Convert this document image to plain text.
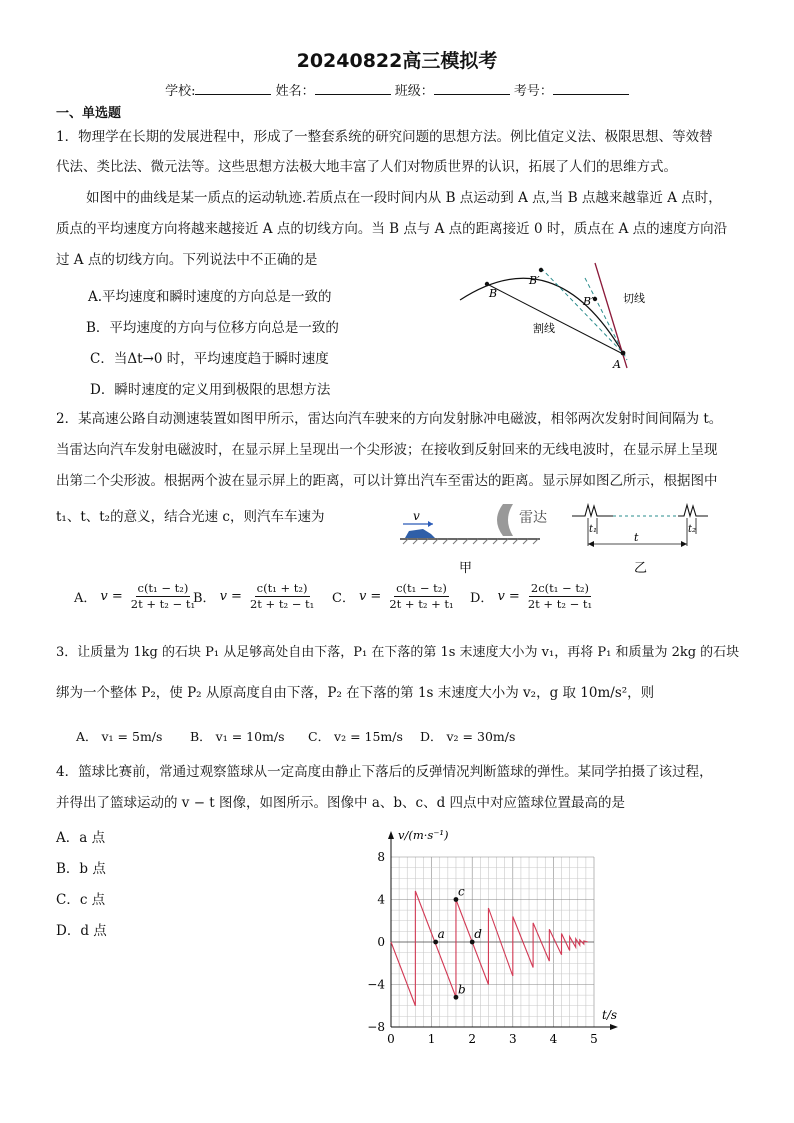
20240822高三模拟考
学校:	姓名：	班级：	考号：
一、单选题
1．物理学在长期的发展进程中，形成了一整套系统的研究问题的思想方法。例比值定义法、极限思想、等效替
代法、类比法、微元法等。这些思想方法极大地丰富了人们对物质世界的认识，拓展了人们的思维方式。
如图中的曲线是某一质点的运动轨迹.若质点在一段时间内从 B 点运动到 A 点,当 B 点越来越靠近 A 点时，
质点的平均速度方向将越来越接近 A 点的切线方向。当 B 点与 A 点的距离接近 0 时，质点在 A 点的速度方向沿
过 A 点的切线方向。下列说法中不正确的是
A.平均速度和瞬时速度的方向总是一致的
B．平均速度的方向与位移方向总是一致的
C．当Δt→0 时，平均速度趋于瞬时速度
D．瞬时速度的定义用到极限的思想方法
B
B′
B″
A
切线
割线
2．某高速公路自动测速装置如图甲所示，雷达向汽车驶来的方向发射脉冲电磁波，相邻两次发射时间间隔为 t。
当雷达向汽车发射电磁波时，在显示屏上呈现出一个尖形波；在接收到反射回来的无线电波时，在显示屏上呈现
出第二个尖形波。根据两个波在显示屏上的距离，可以计算出汽车至雷达的距离。显示屏如图乙所示，根据图中
t₁、t、t₂的意义，结合光速 c，则汽车车速为	v	雷达
甲
t₁	t₂
t
乙
A． $v = \frac{\text{c(t₁ − t₂)}}{\text{2t + t₂ − t₁}}$
B． $v = \frac{\text{c(t₁ + t₂)}}{\text{2t + t₂ − t₁}}$ C． $v = \frac{\text{c(t₁ − t₂)}}{\text{2t + t₂ + t₁}}$ D． $v = \frac{\text{2c(t₁ − t₂)}}{\text{2t + t₂ − t₁}}$
3．让质量为 1kg 的石块 P₁ 从足够高处自由下落，P₁ 在下落的第 1s 末速度大小为 v₁，再将 P₁ 和质量为 2kg 的石块
绑为一个整体 P₂，使 P₂ 从原高度自由下落，P₂ 在下落的第 1s 末速度大小为 v₂，g 取 10m/s²，则
A． v₁ = 5m/s B． v₁ = 10m/s C． v₂ = 15m/s D． v₂ = 30m/s
4．篮球比赛前，常通过观察篮球从一定高度由静止下落后的反弹情况判断篮球的弹性。某同学拍摄了该过程，
并得出了篮球运动的 v − t 图像，如图所示。图像中 a、b、c、d 四点中对应篮球位置最高的是
A．a 点
B．b 点
C．c 点
D．d 点
0	1	2	3	4	5
8
4
0
−4
−8
v/(m·s⁻¹)
t/s
a
b
c
d
